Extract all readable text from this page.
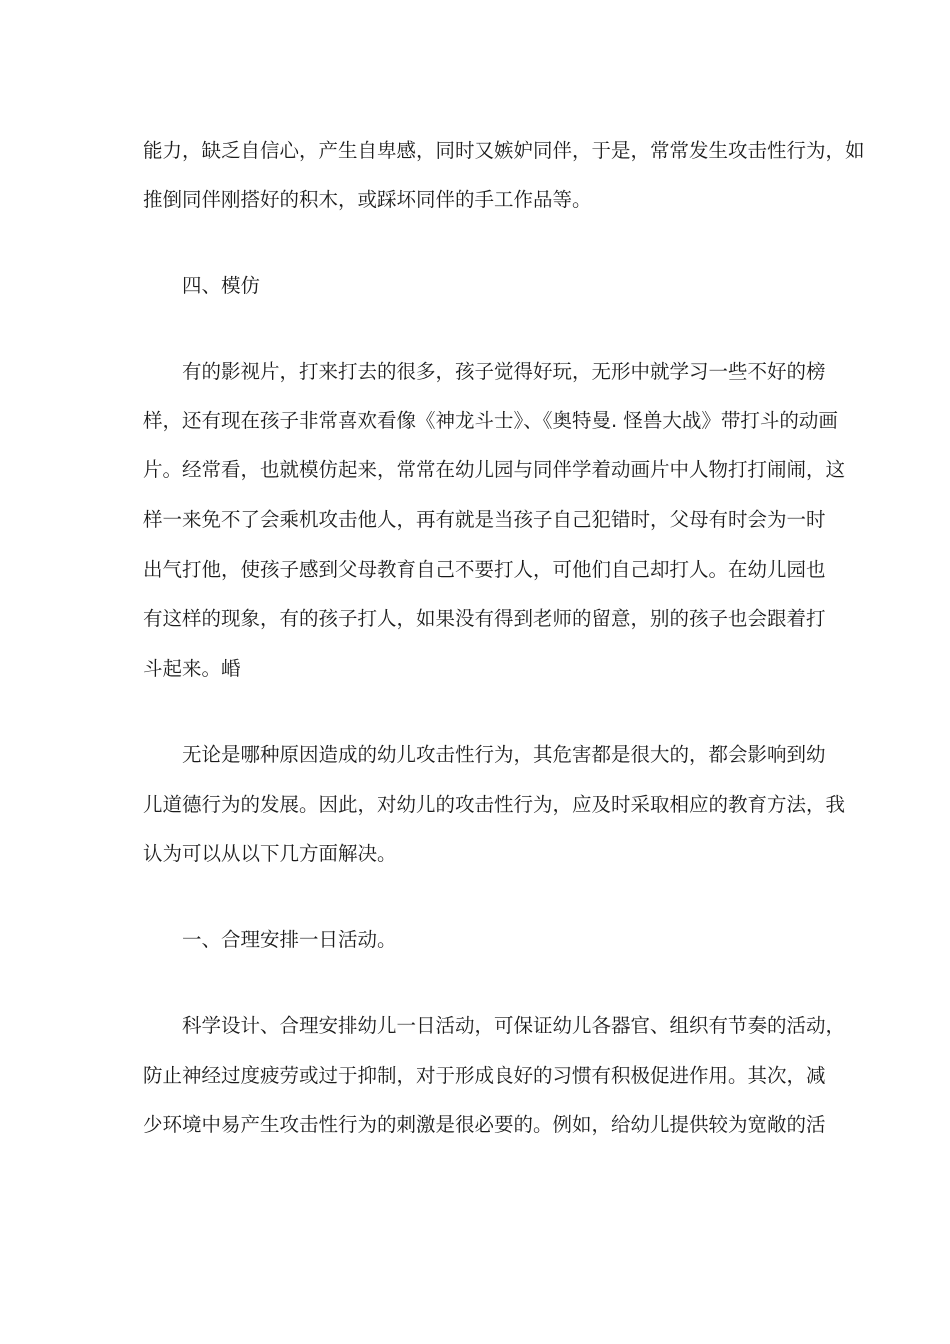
能力，缺乏自信心，产生自卑感，同时又嫉妒同伴，于是，常常发生攻击性行为，如
推倒同伴刚搭好的积木，或踩坏同伴的手工作品等。
四、模仿
有的影视片，打来打去的很多，孩子觉得好玩，无形中就学习一些不好的榜
样，还有现在孩子非常喜欢看像《神龙斗士》、《奥特曼. 怪兽大战》带打斗的动画
片。经常看，也就模仿起来，常常在幼儿园与同伴学着动画片中人物打打闹闹，这
样一来免不了会乘机攻击他人，再有就是当孩子自己犯错时，父母有时会为一时
出气打他，使孩子感到父母教育自己不要打人，可他们自己却打人。在幼儿园也
有这样的现象，有的孩子打人，如果没有得到老师的留意，别的孩子也会跟着打
斗起来。崏
无论是哪种原因造成的幼儿攻击性行为，其危害都是很大的，都会影响到幼
儿道德行为的发展。因此，对幼儿的攻击性行为，应及时采取相应的教育方法，我
认为可以从以下几方面解决。
一、合理安排一日活动。
科学设计、合理安排幼儿一日活动，可保证幼儿各器官、组织有节奏的活动，
防止神经过度疲劳或过于抑制，对于形成良好的习惯有积极促进作用。其次，减
少环境中易产生攻击性行为的刺激是很必要的。例如，给幼儿提供较为宽敞的活
